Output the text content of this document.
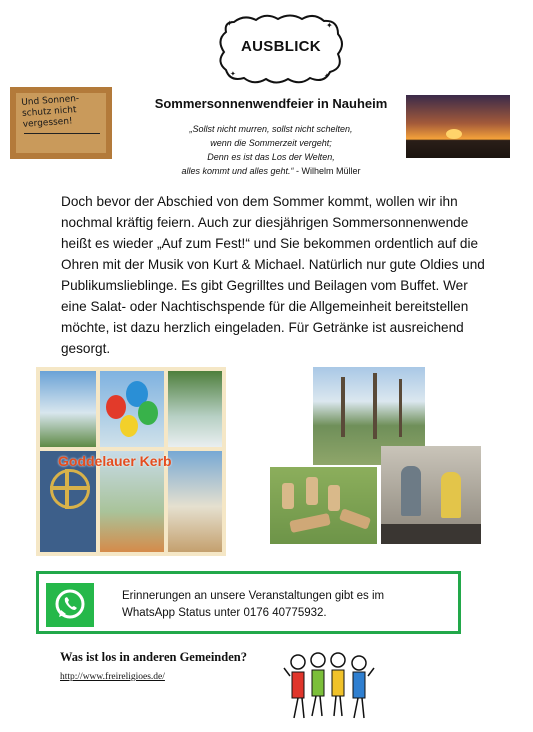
✦	✦
✦	✦
AUSBLICK
Und Sonnen-
schutz nicht
vergessen!
Sommersonnenwendfeier in Nauheim
„Sollst nicht murren, sollst nicht schelten,
wenn die Sommerzeit vergeht;
Denn es ist das Los der Welten,
alles kommt und alles geht.“ - Wilhelm Müller
Doch bevor der Abschied von dem Sommer kommt, wollen wir ihn nochmal kräftig feiern. Auch zur diesjährigen Sommersonnenwende heißt es wieder „Auf zum Fest!“ und Sie bekommen ordentlich auf die Ohren mit der Musik von Kurt & Michael. Natürlich nur gute Oldies und Publikumslieblinge. Es gibt Gegrilltes und Beilagen vom Buffet. Wer eine Salat- oder Nachtischspende für die Allgemeinheit bereitstellen möchte, ist dazu herzlich eingeladen. Für Getränke ist ausreichend gesorgt.
Goddelauer Kerb
Erinnerungen an unsere Veranstaltungen gibt es im WhatsApp Status unter 0176 40775932.
Was ist los in anderen Gemeinden?
http://www.freireligioes.de/
